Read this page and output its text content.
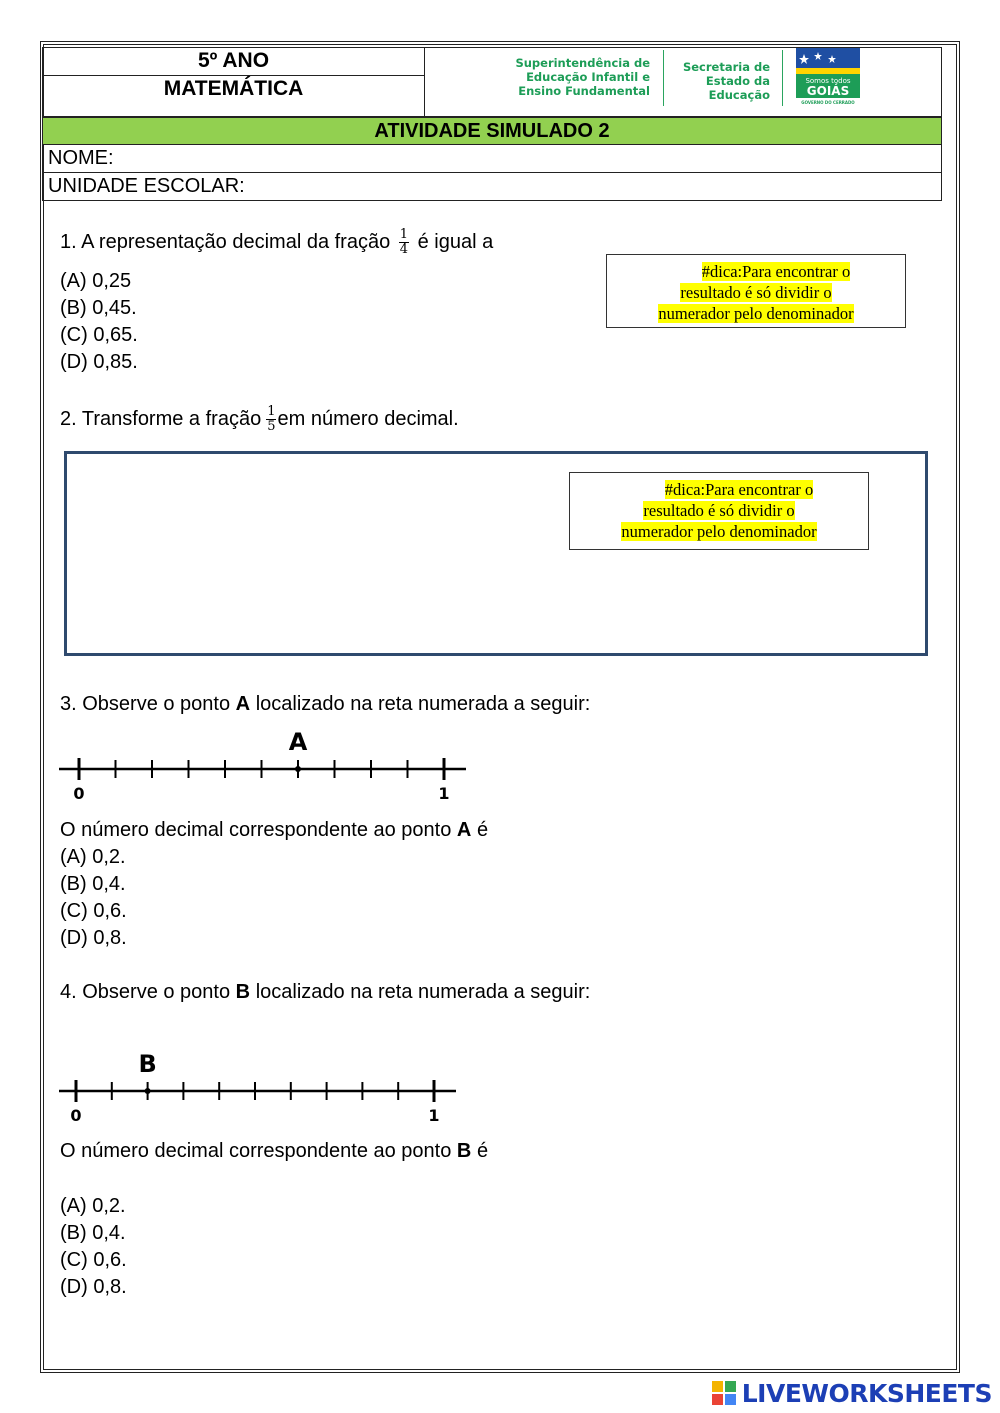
5º ANO
MATEMÁTICA
Superintendência de
Educação Infantil e
Ensino Fundamental
Secretaria de
Estado da
Educação
Somos todos
GOIÁS
GOVERNO DO CERRADO
ATIVIDADE SIMULADO 2
NOME:
UNIDADE ESCOLAR:
1. A representação decimal da fração $\frac{1}{4}$ é igual a
(A) 0,25
(B) 0,45.
(C) 0,65.
(D) 0,85.
#dica:Para encontrar o
resultado é só dividir o
numerador pelo denominador
2. Transforme a fração $\frac{1}{5}$ em número decimal.
#dica:Para encontrar o
resultado é só dividir o
numerador pelo denominador
3. Observe o ponto A localizado na reta numerada a seguir:
A
0	1
O número decimal correspondente ao ponto A é
(A) 0,2.
(B) 0,4.
(C) 0,6.
(D) 0,8.
4. Observe o ponto B localizado na reta numerada a seguir:
B
0	1
O número decimal correspondente ao ponto B é
(A) 0,2.
(B) 0,4.
(C) 0,6.
(D) 0,8.
LIVEWORKSHEETS
